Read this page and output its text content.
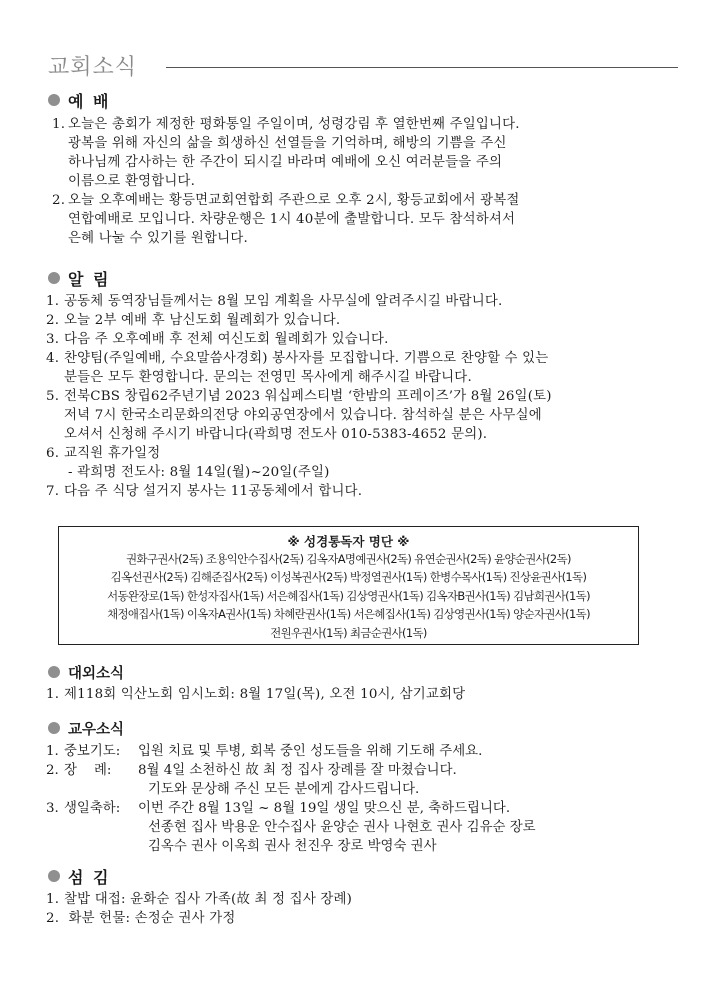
교회소식
예 배
1. 오늘은 총회가 제정한 평화통일 주일이며, 성령강림 후 열한번째 주일입니다.
광복을 위해 자신의 삶을 희생하신 선열들을 기억하며, 해방의 기쁨을 주신
하나님께 감사하는 한 주간이 되시길 바라며 예배에 오신 여러분들을 주의
이름으로 환영합니다.
2. 오늘 오후예배는 황등면교회연합회 주관으로 오후 2시, 황등교회에서 광복절
연합예배로 모입니다. 차량운행은 1시 40분에 출발합니다. 모두 참석하셔서
은혜 나눌 수 있기를 원합니다.
알 림
1. 공동체 동역장님들께서는 8월 모임 계획을 사무실에 알려주시길 바랍니다.
2. 오늘 2부 예배 후 남신도회 월례회가 있습니다.
3. 다음 주 오후예배 후 전체 여신도회 월례회가 있습니다.
4. 찬양팀(주일예배, 수요말씀사경회) 봉사자를 모집합니다. 기쁨으로 찬양할 수 있는
분들은 모두 환영합니다. 문의는 전영민 목사에게 해주시길 바랍니다.
5. 전북CBS 창립62주년기념 2023 워십페스티벌 ‘한밤의 프레이즈’가 8월 26일(토)
저녁 7시 한국소리문화의전당 야외공연장에서 있습니다. 참석하실 분은 사무실에
오셔서 신청해 주시기 바랍니다(곽희명 전도사 010-5383-4652 문의).
6. 교직원 휴가일정
- 곽희명 전도사: 8월 14일(월)~20일(주일)
7. 다음 주 식당 설거지 봉사는 11공동체에서 합니다.
※ 성경통독자 명단 ※
권화구권사(2독) 조용익안수집사(2독) 김옥자A명예권사(2독) 유연순권사(2독) 윤양순권사(2독)
김옥선권사(2독) 김해준집사(2독) 이성복권사(2독) 박정열권사(1독) 한병수목사(1독) 진상윤권사(1독)
서동완장로(1독) 한성자집사(1독) 서은혜집사(1독) 김상영권사(1독) 김옥자B권사(1독) 김남희권사(1독)
채정애집사(1독) 이옥자A권사(1독) 차혜란권사(1독) 서은혜집사(1독) 김상영권사(1독) 양순자권사(1독)
전원우권사(1독) 최금순권사(1독)
대외소식
1. 제118회 익산노회 임시노회: 8월 17일(목), 오전 10시, 삼기교회당
교우소식
1. 중보기도: 입원 치료 및 투병, 회복 중인 성도들을 위해 기도해 주세요.
2. 장    례: 8월 4일 소천하신 故 최 정 집사 장례를 잘 마쳤습니다.
기도와 문상해 주신 모든 분에게 감사드립니다.
3. 생일축하: 이번 주간 8월 13일 ~ 8월 19일 생일 맞으신 분, 축하드립니다.
선종현 집사 박용운 안수집사 윤양순 권사 나현호 권사 김유순 장로
김옥수 권사 이옥희 권사 천진우 장로 박영숙 권사
섬 김
1. 찰밥 대접: 윤화순 집사 가족(故 최 정 집사 장례)
2. 화분 헌물: 손정순 권사 가정
